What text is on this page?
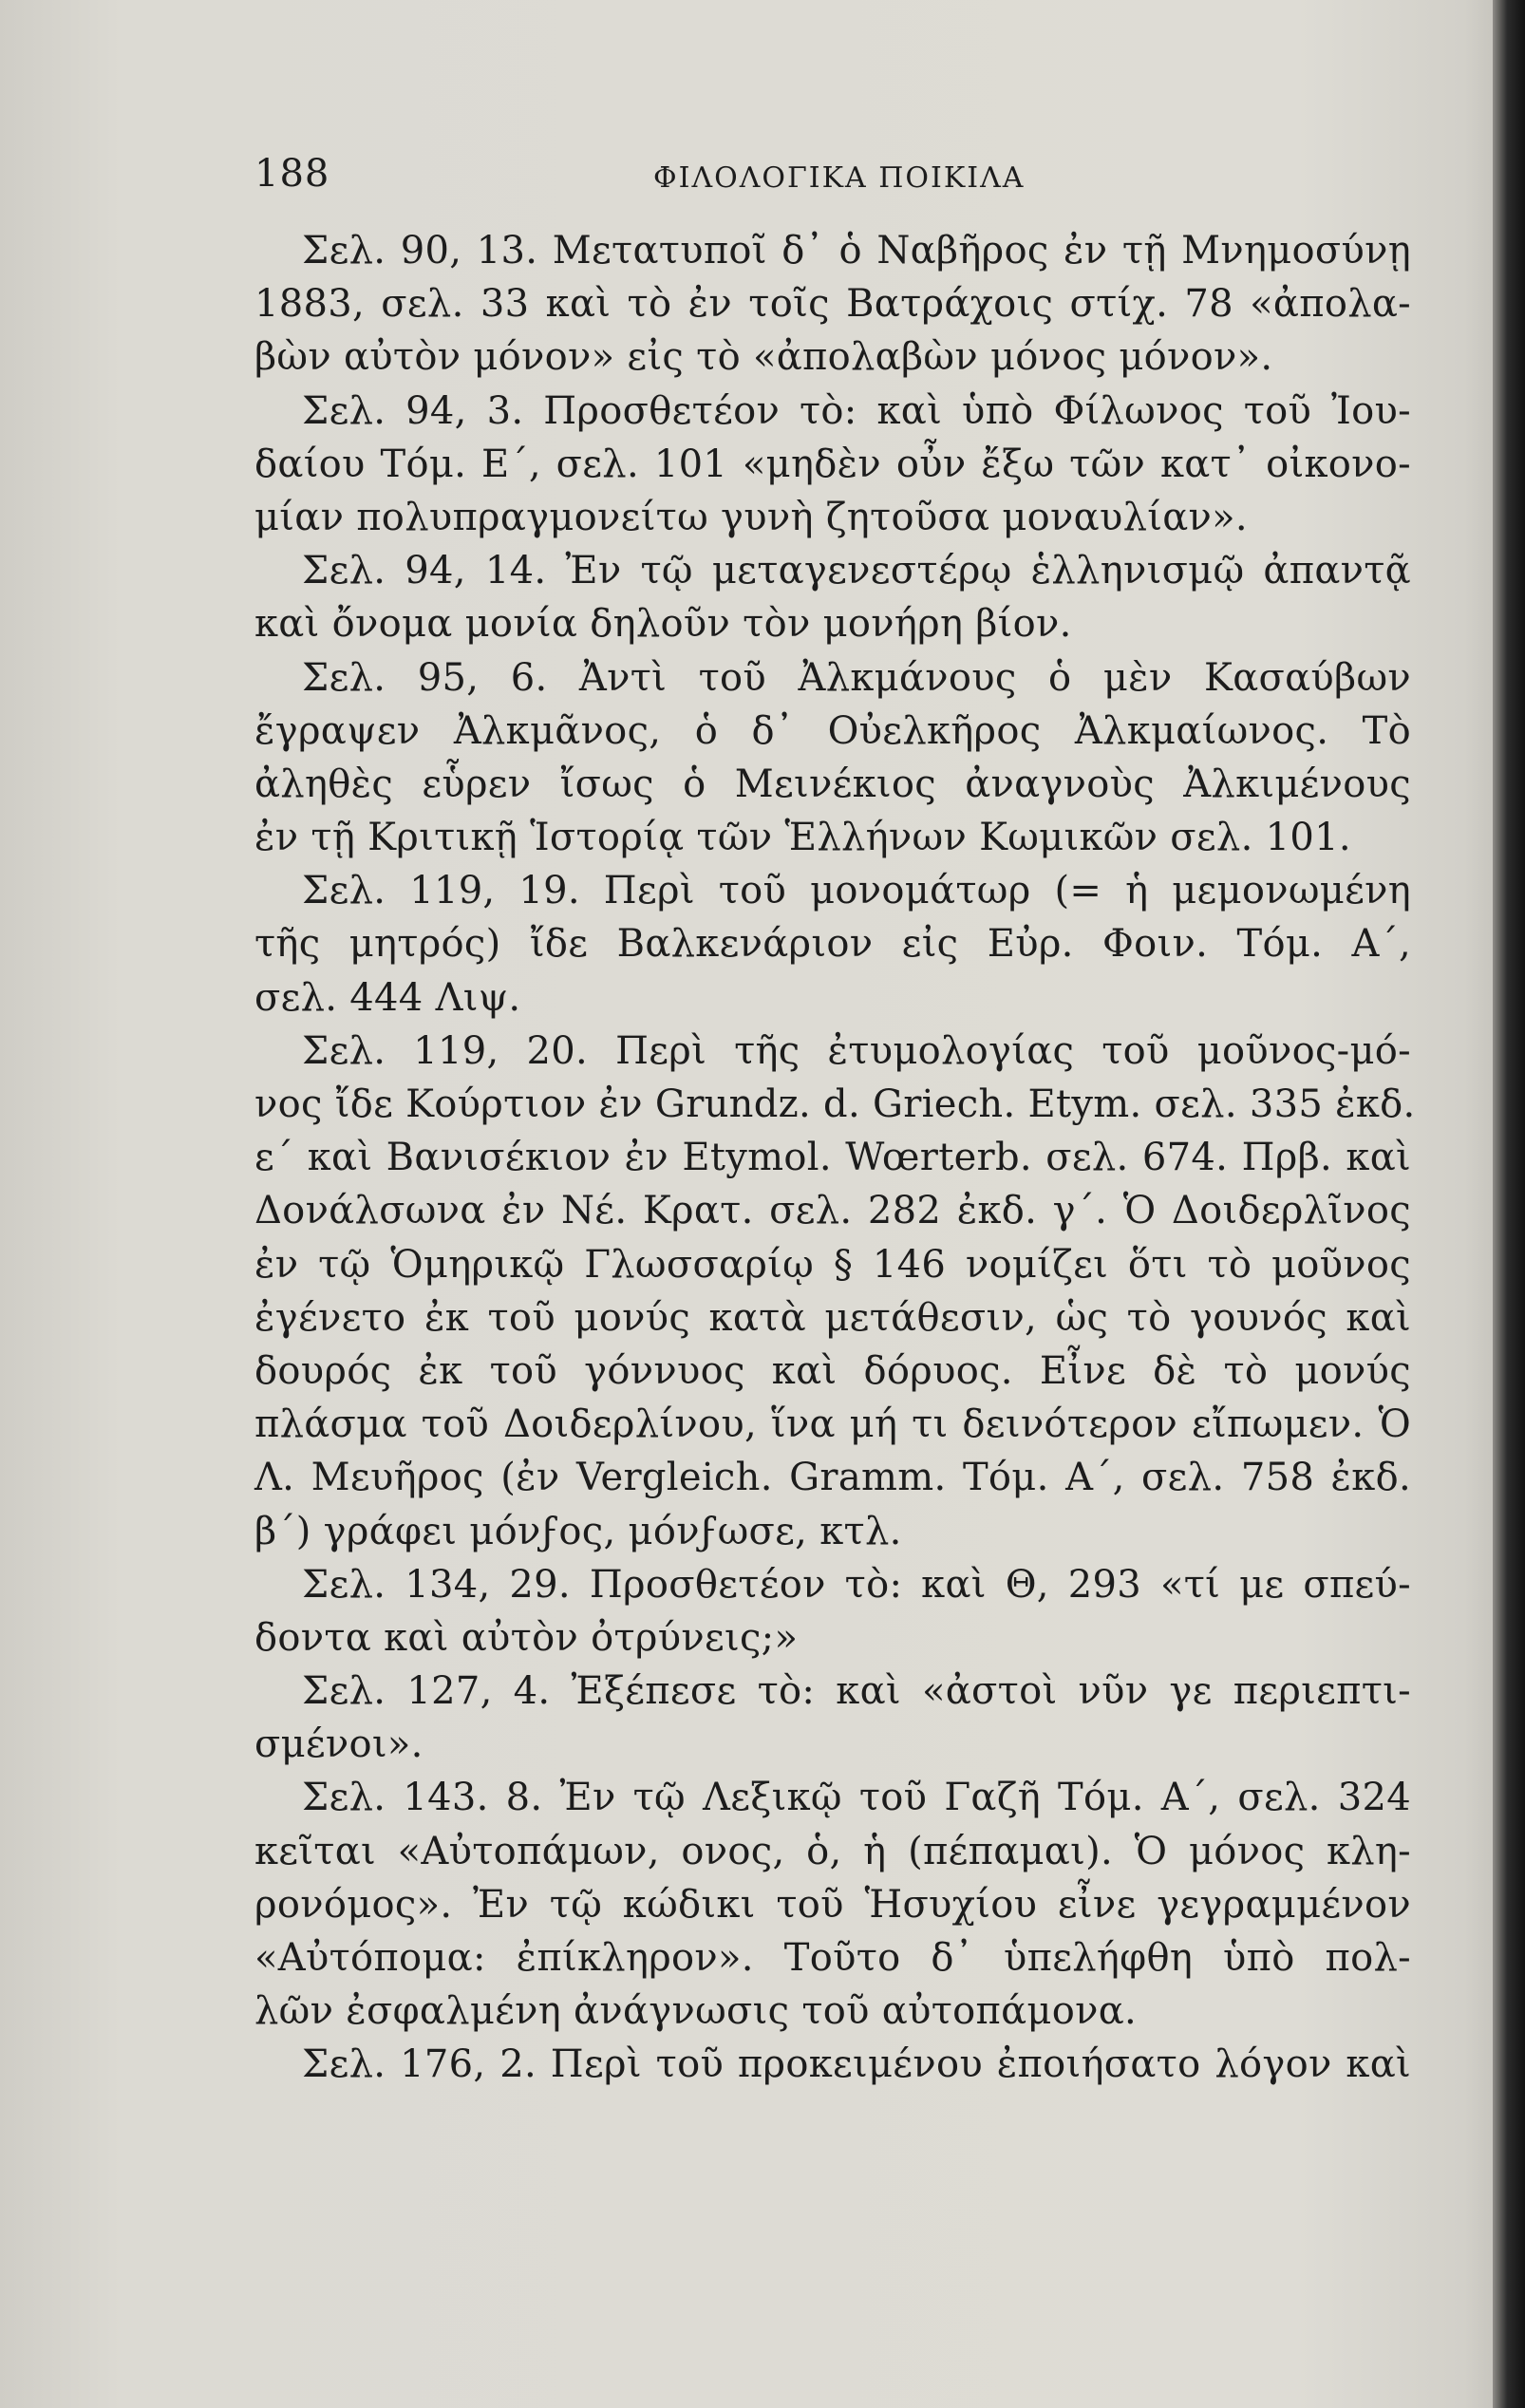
188	ΦΙΛΟΛΟΓΙΚΑ ΠΟΙΚΙΛΑ
Σελ. 90, 13. Μετατυποῖ δ᾽ ὁ Ναβῆρος ἐν τῇ Μνημοσύνῃ
1883, σελ. 33 καὶ τὸ ἐν τοῖς Βατράχοις στίχ. 78 «ἀπολα-
βὼν αὐτὸν μόνον» εἰς τὸ «ἀπολαβὼν μόνος μόνον».
Σελ. 94, 3. Προσθετέον τὸ: καὶ ὑπὸ Φίλωνος τοῦ Ἰου-
δαίου Τόμ. Ε΄, σελ. 101 «μηδὲν οὖν ἔξω τῶν κατ᾽ οἰκονο-
μίαν πολυπραγμονείτω γυνὴ ζητοῦσα μοναυλίαν».
Σελ. 94, 14. Ἐν τῷ μεταγενεστέρῳ ἑλληνισμῷ ἀπαντᾷ
καὶ ὄνομα μονία δηλοῦν τὸν μονήρη βίον.
Σελ. 95, 6. Ἀντὶ τοῦ Ἀλκμάνους ὁ μὲν Κασαύβων
ἔγραψεν Ἀλκμᾶνος, ὁ δ᾽ Οὐελκῆρος Ἀλκμαίωνος. Τὸ
ἀληθὲς εὗρεν ἴσως ὁ Μεινέκιος ἀναγνοὺς Ἀλκιμένους
ἐν τῇ Κριτικῇ Ἱστορίᾳ τῶν Ἑλλήνων Κωμικῶν σελ. 101.
Σελ. 119, 19. Περὶ τοῦ μονομάτωρ (= ἡ μεμονωμένη
τῆς μητρός) ἴδε Βαλκενάριον εἰς Εὐρ. Φοιν. Τόμ. Α΄,
σελ. 444 Λιψ.
Σελ. 119, 20. Περὶ τῆς ἐτυμολογίας τοῦ μοῦνος-μό-
νος ἴδε Κούρτιον ἐν Grundz. d. Griech. Etym. σελ. 335 ἐκδ.
ε΄ καὶ Βανισέκιον ἐν Etymol. Wœrterb. σελ. 674. Πρβ. καὶ
Δονάλσωνα ἐν Νέ. Κρατ. σελ. 282 ἐκδ. γ΄. Ὁ Δοιδερλῖνος
ἐν τῷ Ὁμηρικῷ Γλωσσαρίῳ § 146 νομίζει ὅτι τὸ μοῦνος
ἐγένετο ἐκ τοῦ μονύς κατὰ μετάθεσιν, ὡς τὸ γουνός καὶ
δουρός ἐκ τοῦ γόννυος καὶ δόρυος. Εἶνε δὲ τὸ μονύς
πλάσμα τοῦ Δοιδερλίνου, ἵνα μή τι δεινότερον εἴπωμεν. Ὁ
Λ. Μευῆρος (ἐν Vergleich. Gramm. Τόμ. Α΄, σελ. 758 ἐκδ.
β΄) γράφει μόνϝος, μόνϝωσε, κτλ.
Σελ. 134, 29. Προσθετέον τὸ: καὶ Θ, 293 «τί με σπεύ-
δοντα καὶ αὐτὸν ὀτρύνεις;»
Σελ. 127, 4. Ἐξέπεσε τὸ: καὶ «ἀστοὶ νῦν γε περιεπτι-
σμένοι».
Σελ. 143. 8. Ἐν τῷ Λεξικῷ τοῦ Γαζῆ Τόμ. Α΄, σελ. 324
κεῖται «Αὐτοπάμων, ονος, ὁ, ἡ (πέπαμαι). Ὁ μόνος κλη-
ρονόμος». Ἐν τῷ κώδικι τοῦ Ἡσυχίου εἶνε γεγραμμένον
«Αὐτόπομα: ἐπίκληρον». Τοῦτο δ᾽ ὑπελήφθη ὑπὸ πολ-
λῶν ἐσφαλμένη ἀνάγνωσις τοῦ αὐτοπάμονα.
Σελ. 176, 2. Περὶ τοῦ προκειμένου ἐποιήσατο λόγον καὶ
